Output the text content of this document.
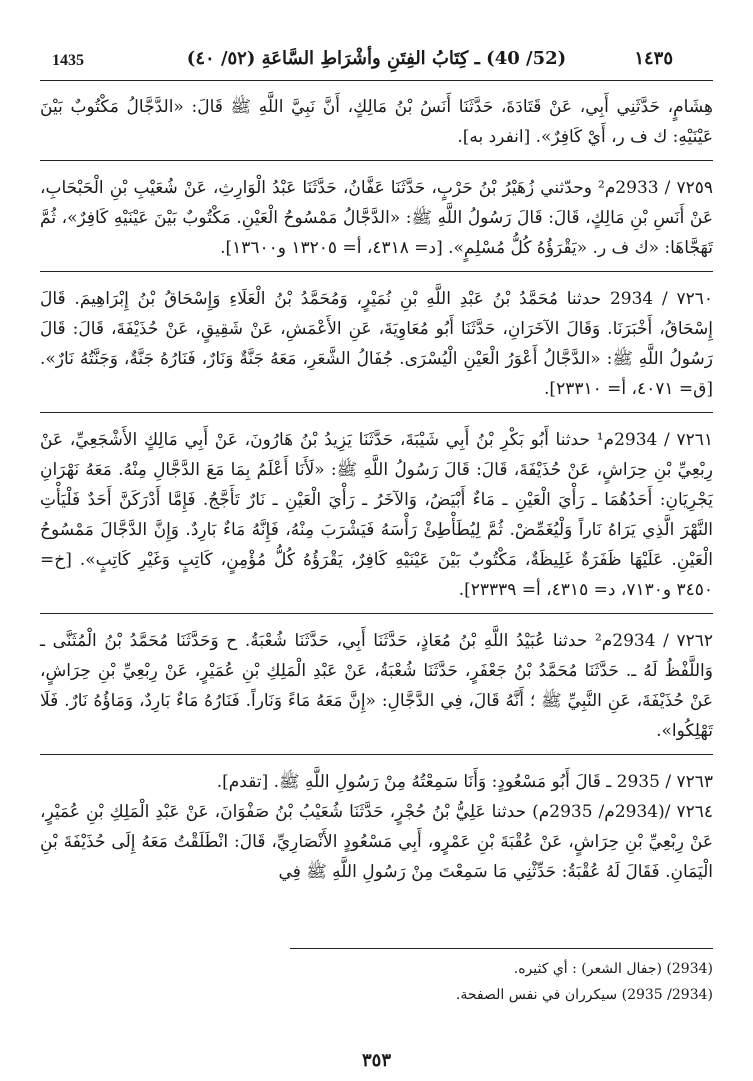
1435	(52/ 40) ـ كِتَابُ الفِتَنِ وأشْرَاطِ السَّاعَةِ (٥٢/ ٤٠)	١٤٣٥

هِشَامٍ، حَدَّثَنِي أَبِي، عَنْ قَتَادَةَ، حَدَّثَنَا أَنَسُ بْنُ مَالِكٍ، أَنَّ نَبِيَّ اللَّهِ ﷺ قَالَ: «الدَّجَّالُ مَكْتُوبٌ بَيْنَ عَيْنَيْهِ: ك ف ر، أَيْ كَافِرٌ». [انفرد به].

٧٢٥٩ / 2933م² وحدّثني زُهَيْرُ بْنُ حَرْبٍ، حَدَّثَنَا عَفَّانُ، حَدَّثَنَا عَبْدُ الْوَارِثِ، عَنْ شُعَيْبِ بْنِ الْحَبْحَابِ، عَنْ أَنَسِ بْنِ مَالِكٍ، قَالَ: قَالَ رَسُولُ اللَّهِ ﷺ: «الدَّجَّالُ مَمْسُوحُ الْعَيْنِ. مَكْتُوبٌ بَيْنَ عَيْنَيْهِ كَافِرٌ»، ثُمَّ تَهَجَّاهَا: «ك ف ر. «يَقْرَؤُهُ كُلُّ مُسْلِمٍ». [د= ٤٣١٨، أ= ١٣٢٠٥ و١٣٦٠٠].

٧٢٦٠ / 2934 حدثنا مُحَمَّدُ بْنُ عَبْدِ اللَّهِ بْنِ نُمَيْرٍ، وَمُحَمَّدُ بْنُ الْعَلَاءِ وَإِسْحَاقُ بْنُ إِبْرَاهِيمَ. قَالَ إِسْحَاقُ، أَخْبَرَنَا. وَقَالَ الآخَرَانِ، حَدَّثَنَا أَبُو مُعَاوِيَةَ، عَنِ الأَعْمَشِ، عَنْ شَقِيقٍ، عَنْ حُذَيْفَةَ، قَالَ: قَالَ رَسُولُ اللَّهِ ﷺ: «الدَّجَّالُ أَعْوَرُ الْعَيْنِ الْيُسْرَى. جُفَالُ الشَّعَرِ، مَعَهُ جَنَّةٌ وَنَارٌ، فَنَارُهُ جَنَّةٌ، وَجَنَّتُهُ نَارٌ». [ق= ٤٠٧١، أ= ٢٣٣١٠].

٧٢٦١ / 2934م¹ حدثنا أَبُو بَكْرِ بْنُ أَبِي شَيْبَةَ، حَدَّثَنَا يَزِيدُ بْنُ هَارُونَ، عَنْ أَبِي مَالِكٍ الأَشْجَعِيِّ، عَنْ رِبْعِيِّ بْنِ حِرَاشٍ، عَنْ حُذَيْفَةَ، قَالَ: قَالَ رَسُولُ اللَّهِ ﷺ: «لَأَنَا أَعْلَمُ بِمَا مَعَ الدَّجَّالِ مِنْهُ. مَعَهُ نَهْرَانِ يَجْرِيَانِ: أَحَدُهُمَا ـ رَأْيَ الْعَيْنِ ـ مَاءٌ أَبْيَضُ، وَالآخَرُ ـ رَأْيَ الْعَيْنِ ـ نَارٌ تَأَجَّجُ. فَإِمَّا أَدْرَكَنَّ أَحَدٌ فَلْيَأْتِ النَّهْرَ الَّذِي يَرَاهُ نَاراً وَلْيُغَمِّضْ. ثُمَّ لِيُطَأْطِئْ رَأْسَهُ فَيَشْرَبَ مِنْهُ، فَإِنَّهُ مَاءٌ بَارِدٌ. وَإِنَّ الدَّجَّالَ مَمْسُوحُ الْعَيْنِ. عَلَيْهَا ظَفَرَةٌ غَلِيظَةٌ، مَكْتُوبٌ بَيْنَ عَيْنَيْهِ كَافِرٌ، يَقْرَؤُهُ كُلُّ مُؤْمِنٍ، كَاتِبٍ وَغَيْرِ كَاتِبٍ». [خ= ٣٤٥٠ و٧١٣٠، د= ٤٣١٥، أ= ٢٣٣٣٩].

٧٢٦٢ / 2934م² حدثنا عُبَيْدُ اللَّهِ بْنُ مُعَاذٍ، حَدَّثَنَا أَبِي، حَدَّثَنَا شُعْبَةُ. ح وَحَدَّثَنَا مُحَمَّدُ بْنُ الْمُثَنَّى ـ وَاللَّفْظُ لَهُ ـ. حَدَّثَنَا مُحَمَّدُ بْنُ جَعْفَرٍ، حَدَّثَنَا شُعْبَةُ، عَنْ عَبْدِ الْمَلِكِ بْنِ عُمَيْرٍ، عَنْ رِبْعِيِّ بْنِ حِرَاشٍ، عَنْ حُذَيْفَةَ، عَنِ النَّبِيِّ ﷺ ؛ أَنَّهُ قَالَ، فِي الدَّجَّالِ: «إِنَّ مَعَهُ مَاءً وَنَاراً. فَنَارُهُ مَاءٌ بَارِدٌ، وَمَاؤُهُ نَارٌ. فَلَا تَهْلِكُوا».

٧٢٦٣ / 2935 ـ قَالَ أَبُو مَسْعُودٍ: وَأَنَا سَمِعْتُهُ مِنْ رَسُولِ اللَّهِ ﷺ. [تقدم].

٧٢٦٤ /(2934م/ 2935م) حدثنا عَلِيُّ بْنُ حُجْرٍ، حَدَّثَنَا شُعَيْبُ بْنُ صَفْوَانَ، عَنْ عَبْدِ الْمَلِكِ بْنِ عُمَيْرٍ، عَنْ رِبْعِيِّ بْنِ حِرَاشٍ، عَنْ عُقْبَةَ بْنِ عَمْرٍو، أَبِي مَسْعُودٍ الأَنْصَارِيِّ، قَالَ: انْطَلَقْتُ مَعَهُ إِلَى حُذَيْفَةَ بْنِ الْيَمَانِ. فَقَالَ لَهُ عُقْبَةُ: حَدِّثْنِي مَا سَمِعْتَ مِنْ رَسُولِ اللَّهِ ﷺ فِي

(2934) (جفال الشعر) : أي كثيره.
(2934/ 2935) سيكرران في نفس الصفحة.
٣٥٣
